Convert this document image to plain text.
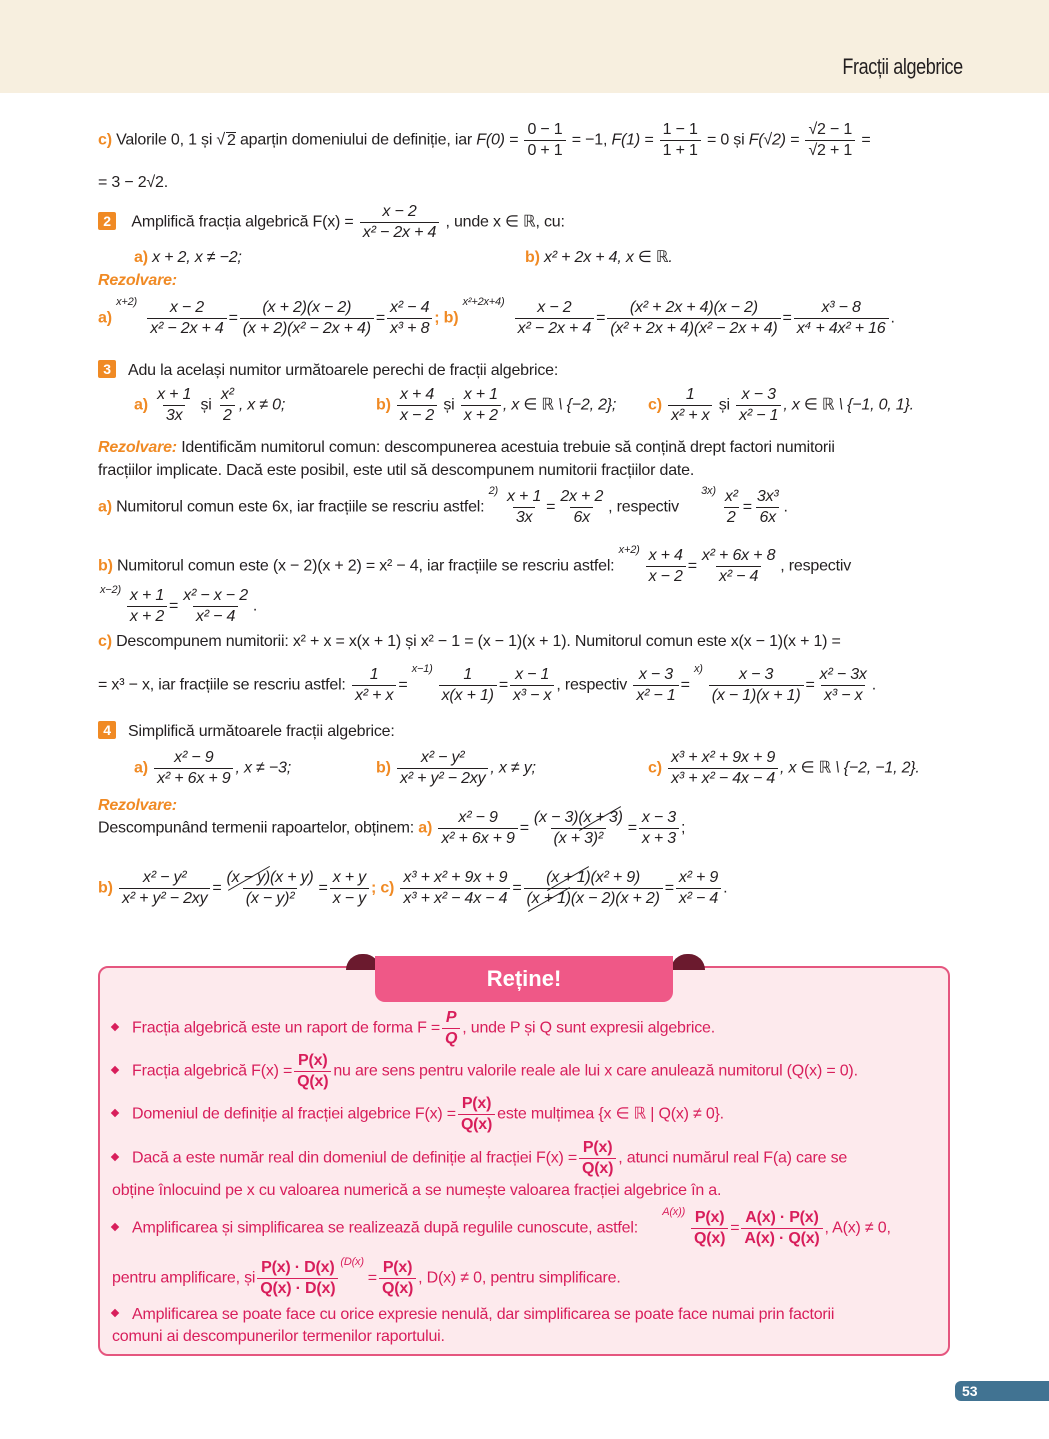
Fracții algebrice
c) Valorile 0, 1 și √ 2 aparțin domeniului de definiție, iar $F(0) = \frac{0 - 1}{0 + 1} = -1$, $F(1) = \frac{1 - 1}{1 + 1} = 0$ și $F(√2) = \frac{√2 - 1}{√2 + 1}$ =
= 3 − 2√2.
2 Amplifică fracția algebrică $F(x) = \frac{x - 2}{\text{x² − 2x + 4}}$ , unde x ∈ ℝ, cu:
a) x + 2, x ≠ −2;	b) x² + 2x + 4, x ∈ ℝ.
Rezolvare:
a) $^{x+2)} \frac{x - 2}{\text{x² − 2x + 4}} = \frac{(x + 2)(x - 2)}{\text{(x + 2)(x² − 2x + 4)}} = \frac{\text{x² − 4}}{\text{x³ + 8}}$ ; b) $^{x^2+2x+4)} \frac{x - 2}{\text{x² − 2x + 4}} = \frac{\text{(x² + 2x + 4)(x − 2)}}{\text{(x² + 2x + 4)(x² − 2x + 4)}} = \frac{\text{x³ − 8}}{\text{x⁴ + 4x² + 16}}$ .
3 Adu la același numitor următoarele perechi de fracții algebrice:
$a) \frac{x + 1}{3x}$ și $\frac{\text{x²}}{2}$ , x ≠ 0;	$b) \frac{x + 4}{x - 2}$ și $\frac{x + 1}{x + 2}$ , x ∈ ℝ \ {−2, 2}; $c) \frac{1}{\text{x² + x}}$ și $\frac{x - 3}{\text{x² − 1}}$ , x ∈ ℝ \ {−1, 0, 1}.
Rezolvare: Identificăm numitorul comun: descompunerea acestuia trebuie să conțină drept factori numitorii
fracțiilor implicate. Dacă este posibil, este util să descompunem numitorii fracțiilor date.
a) Numitorul comun este 6x, iar fracțiile se rescriu astfel: $^{2)} \frac{x + 1}{3x} = \frac{2x + 2}{6x}$ , respectiv $^{3x)} \frac{\text{x²}}{2} = \frac{\text{3x³}}{6x}$ .
b) Numitorul comun este (x − 2)(x + 2) = x² − 4, iar fracțiile se rescriu astfel: $^{x+2)} \frac{x + 4}{x - 2} = \frac{\text{x² + 6x + 8}}{\text{x² − 4}}$ , respectiv
$^{x-2)} \frac{x + 1}{x + 2} = \frac{\text{x² − x − 2}}{\text{x² − 4}}$ .
c) Descompunem numitorii: x² + x = x(x + 1) și x² − 1 = (x − 1)(x + 1). Numitorul comun este x(x − 1)(x + 1) =
= x³ − x, iar fracțiile se rescriu astfel: $\frac{1}{\text{x² + x}} = ^{x-1)} \frac{1}{x(x + 1)} = \frac{x - 1}{\text{x³ − x}}$ , respectiv $\frac{x - 3}{\text{x² − 1}} = ^{x)} \frac{x - 3}{(x - 1)(x + 1)} = \frac{\text{x² − 3x}}{\text{x³ − x}}$ .
4 Simplifică următoarele fracții algebrice:
$a) \frac{\text{x² − 9}}{\text{x² + 6x + 9}}$ , x ≠ −3;	$b) \frac{\text{x² − y²}}{\text{x² + y² − 2xy}}$ , x ≠ y;	$c) \frac{\text{x³ + x² + 9x + 9}}{\text{x³ + x² − 4x − 4}}$ , x ∈ ℝ \ {−2, −1, 2}.
Rezolvare:
Descompunând termenii rapoartelor, obținem: $a) \frac{\text{x² − 9}}{\text{x² + 6x + 9}} = \frac{(x - 3)(x + 3)}{\text{(x + 3)²}} = \frac{x - 3}{x + 3}$ ;
$b) \frac{\text{x² − y²}}{\text{x² + y² − 2xy}} = \frac{(x - y)(x + y)}{\text{(x − y)²}} = \frac{x + y}{x - y}$ ; $c) \frac{\text{x³ + x² + 9x + 9}}{\text{x³ + x² − 4x − 4}} = \frac{\text{(x + 1)(x² + 9)}}{(x + 1)(x - 2)(x + 2)} = \frac{\text{x² + 9}}{\text{x² − 4}}$ .
Reține!
Fracția algebrică este un raport de forma $F = \frac{P}{Q}$ , unde P și Q sunt expresii algebrice.
Fracția algebrică $F(x) = \frac{P(x)}{Q(x)}$ nu are sens pentru valorile reale ale lui x care anulează numitorul (Q(x) = 0).
Domeniul de definiție al fracției algebrice $F(x) = \frac{P(x)}{Q(x)}$ este mulțimea {x ∈ ℝ | Q(x) ≠ 0}.
Dacă a este număr real din domeniul de definiție al fracției $F(x) = \frac{P(x)}{Q(x)}$ , atunci numărul real F(a) care se
obține înlocuind pe x cu valoarea numerică a se numește valoarea fracției algebrice în a.
Amplificarea și simplificarea se realizează după regulile cunoscute, astfel: $^{A(x))} \frac{P(x)}{Q(x)} = \frac{A(x) \cdot P(x)}{A(x) \cdot Q(x)}$ , A(x) ≠ 0,
pentru amplificare, și $\frac{P(x) \cdot D(x)}{Q(x) \cdot D(x)} ^{(D(x)}= \frac{P(x)}{Q(x)}$ , D(x) ≠ 0, pentru simplificare.
Amplificarea se poate face cu orice expresie nenulă, dar simplificarea se poate face numai prin factorii
comuni ai descompunerilor termenilor raportului.
53
